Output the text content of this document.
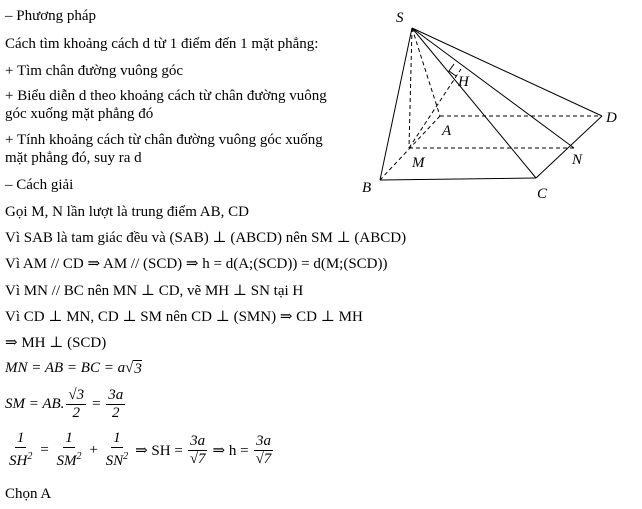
– Phương pháp
Cách tìm khoảng cách d từ 1 điểm đến 1 mặt phẳng:
+ Tìm chân đường vuông góc
+ Biểu diễn d theo khoảng cách từ chân đường vuông
góc xuống mặt phẳng đó
+ Tính khoảng cách từ chân đường vuông góc xuống
mặt phẳng đó, suy ra d
– Cách giải
Gọi M, N lần lượt là trung điểm AB, CD
Vì SAB là tam giác đều và (SAB) ⊥ (ABCD) nên SM ⊥ (ABCD)
Vì AM // CD ⇒ AM // (SCD) ⇒ h = d(A;(SCD)) = d(M;(SCD))
Vì MN // BC nên MN ⊥ CD, vẽ MH ⊥ SN tại H
Vì CD ⊥ MN, CD ⊥ SM nên CD ⊥ (SMN) ⇒ CD ⊥ MH
⇒ MH ⊥ (SCD)
MN = AB = BC = a √ 3
SM = AB. $\frac{√3}{2} = \frac{3a}{2}$
$\frac{1}{SH^2} = \frac{1}{SM^2} + \frac{1}{SN^2}$ ⇒ SH = $\frac{3a}{√7}$ ⇒ $h = \frac{3a}{√7}$
Chọn A
S
H
A
D
M	N
B	C
